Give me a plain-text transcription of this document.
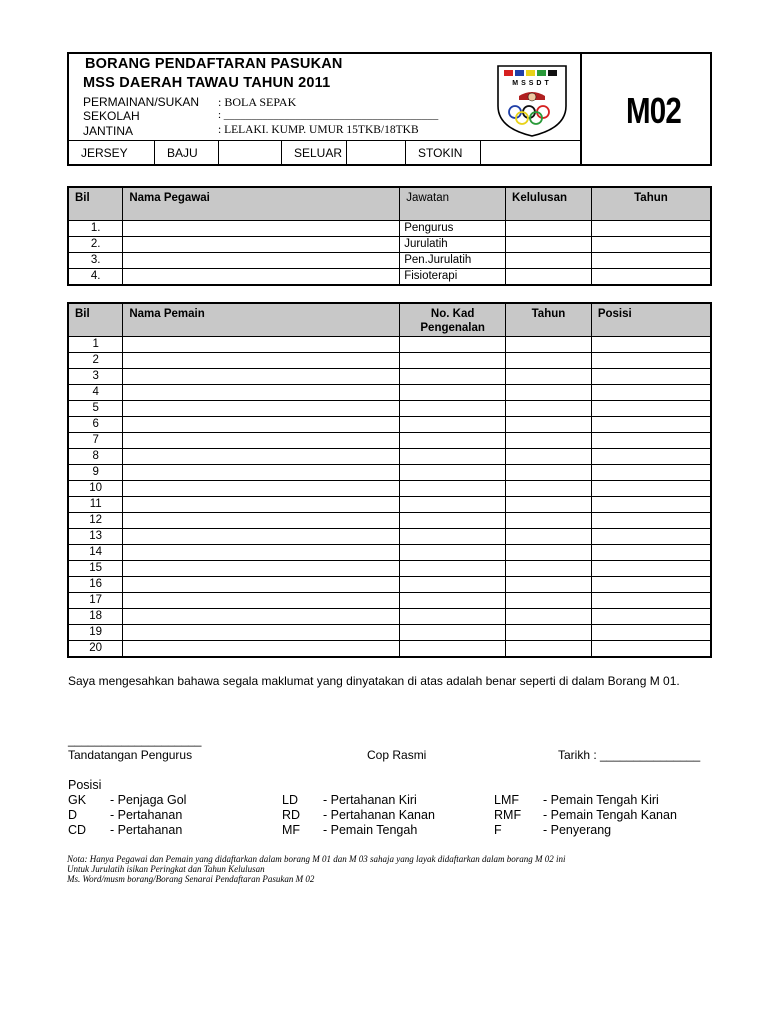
BORANG PENDAFTARAN PASUKAN
MSS DAERAH TAWAU TAHUN 2011
PERMAINAN/SUKAN : BOLA SEPAK
SEKOLAH	: _______________________________________
JANTINA	: LELAKI. KUMP. UMUR 15TKB/18TKB
MSSDT
M02
JERSEY	BAJU	SELUAR	STOKIN
Bil	Nama Pegawai	Jawatan	Kelulusan	Tahun
1.		Pengurus		
2.		Jurulatih		
3.		Pen.Jurulatih		
4.		Fisioterapi		
Bil	Nama Pemain	No. Kad Pengenalan	Tahun	Posisi
1				
2				
3				
4				
5				
6				
7				
8				
9				
10				
11				
12				
13				
14				
15				
16				
17				
18				
19				
20				
Saya mengesahkan bahawa segala maklumat yang dinyatakan di atas adalah benar seperti di dalam Borang M 01.
____________________
Tandatangan Pengurus	Cop Rasmi	Tarikh : _______________
Posisi
GK - Penjaga Gol	LD - Pertahanan Kiri	LMF - Pemain Tengah Kiri
D	- Pertahanan	RD - Pertahanan Kanan	RMF - Pemain Tengah Kanan
CD - Pertahanan	MF - Pemain Tengah	F	- Penyerang
Nota: Hanya Pegawai dan Pemain yang didaftarkan dalam borang M 01 dan M 03 sahaja yang layak didaftarkan dalam borang M 02 ini
Untuk Jurulatih isikan Peringkat dan Tahun Kelulusan
Ms. Word/musm borang/Borang Senarai Pendaftaran Pasukan M 02
